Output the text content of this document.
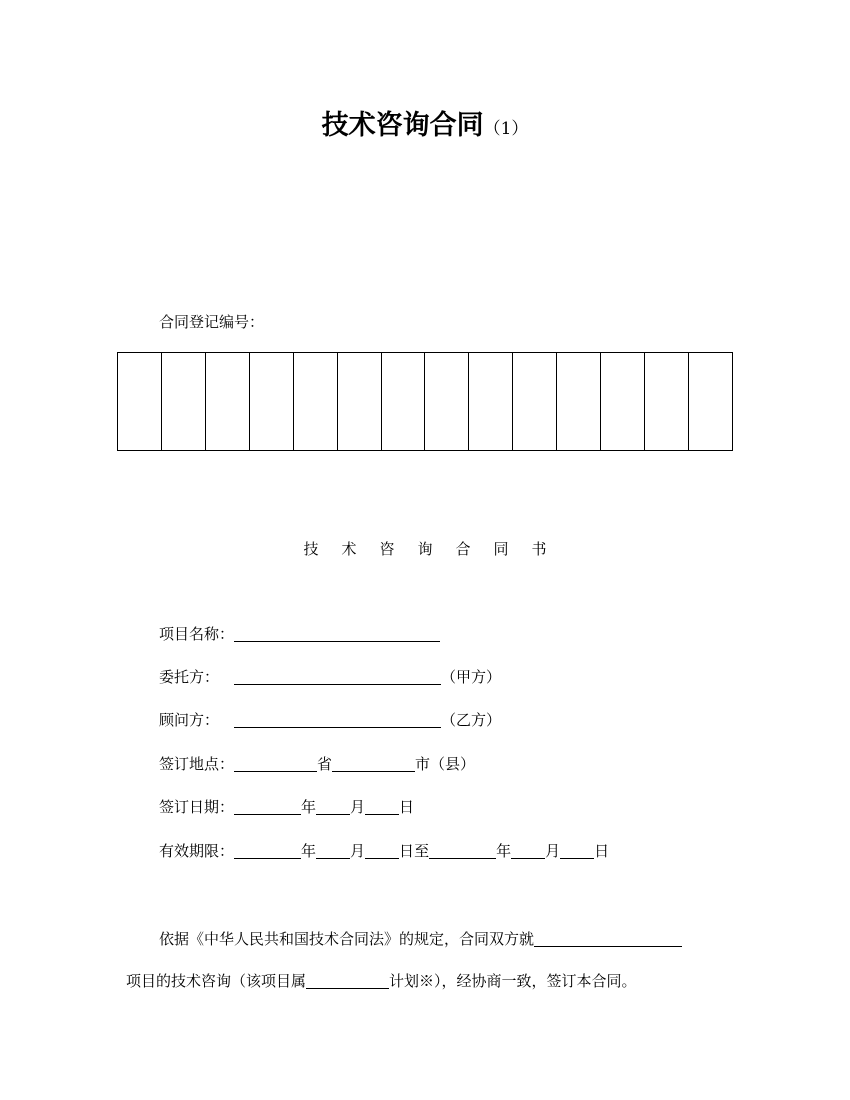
技术咨询合同（1）
合同登记编号：
技术咨询合同书
项目名称：
委托方：	（甲方）
顾问方：	（乙方）
签订地点：	省	市（县）
签订日期：	年 月 日
有效期限：	年 月 日至	年 月 日
依据《中华人民共和国技术合同法》的规定，合同双方就
项目的技术咨询（该项目属	计划※），经协商一致，签订本合同。
